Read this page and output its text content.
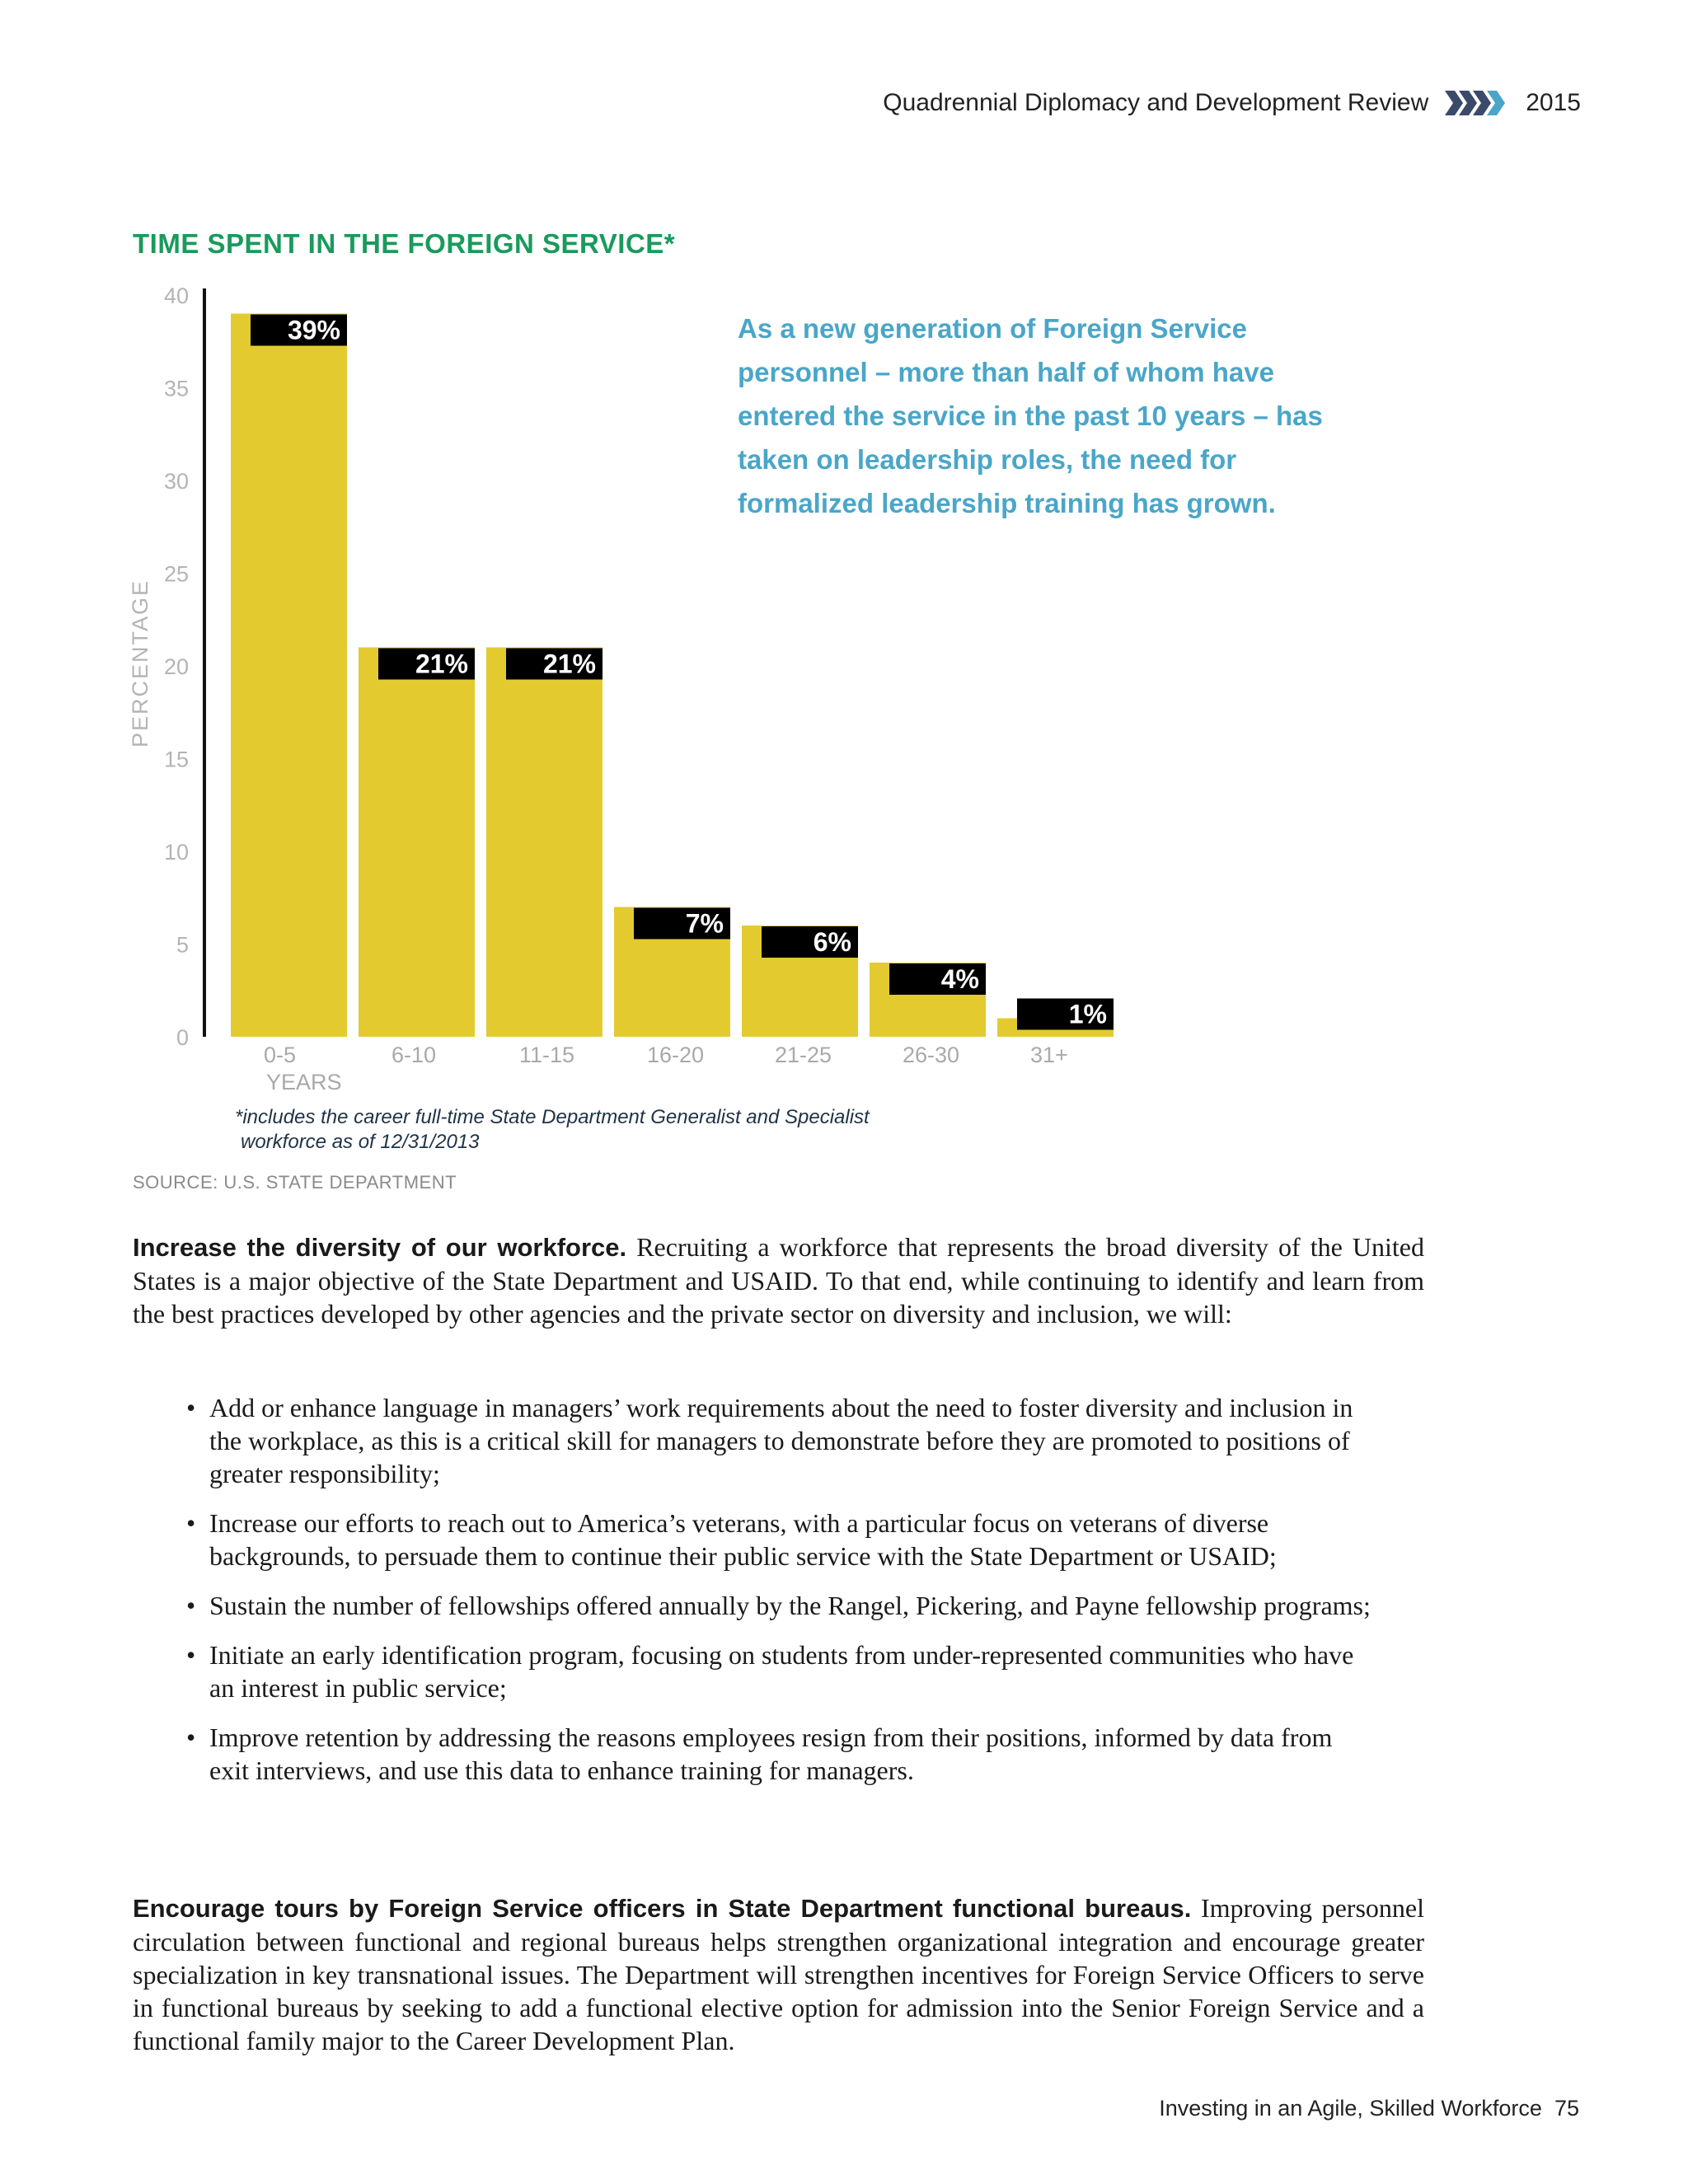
Quadrennial Diplomacy and Development Review	2015
TIME SPENT IN THE FOREIGN SERVICE*
0
5
10
15
20
25
30
35
40
39%
21%	21%
7%
6%
4%
1%
0-5	6-10	11-15	16-20	21-25	26-30	31+
YEARS
PERCENTAGE
As a new generation of Foreign Service personnel – more than half of whom have entered the service in the past 10 years – has taken on leadership roles, the need for formalized leadership training has grown.
*includes the career full-time State Department Generalist and Specialist
workforce as of 12/31/2013
SOURCE: U.S. STATE DEPARTMENT
Increase the diversity of our workforce. Recruiting a workforce that represents the broad diversity of the United States is a major objective of the State Department and USAID. To that end, while continuing to identify and learn from the best practices developed by other agencies and the private sector on diversity and inclusion, we will:
• Add or enhance language in managers’ work requirements about the need to foster diversity and inclusion in the workplace, as this is a critical skill for managers to demonstrate before they are promoted to positions of greater responsibility;
• Increase our efforts to reach out to America’s veterans, with a particular focus on veterans of diverse backgrounds, to persuade them to continue their public service with the State Department or USAID;
• Sustain the number of fellowships offered annually by the Rangel, Pickering, and Payne fellowship programs;
• Initiate an early identification program, focusing on students from under-represented communities who have an interest in public service;
• Improve retention by addressing the reasons employees resign from their positions, informed by data from exit interviews, and use this data to enhance training for managers.
Encourage tours by Foreign Service officers in State Department functional bureaus. Improving personnel circulation between functional and regional bureaus helps strengthen organizational integration and encourage greater specialization in key transnational issues. The Department will strengthen incentives for Foreign Service Officers to serve in functional bureaus by seeking to add a functional elective option for admission into the Senior Foreign Service and a functional family major to the Career Development Plan.
Investing in an Agile, Skilled Workforce 75
